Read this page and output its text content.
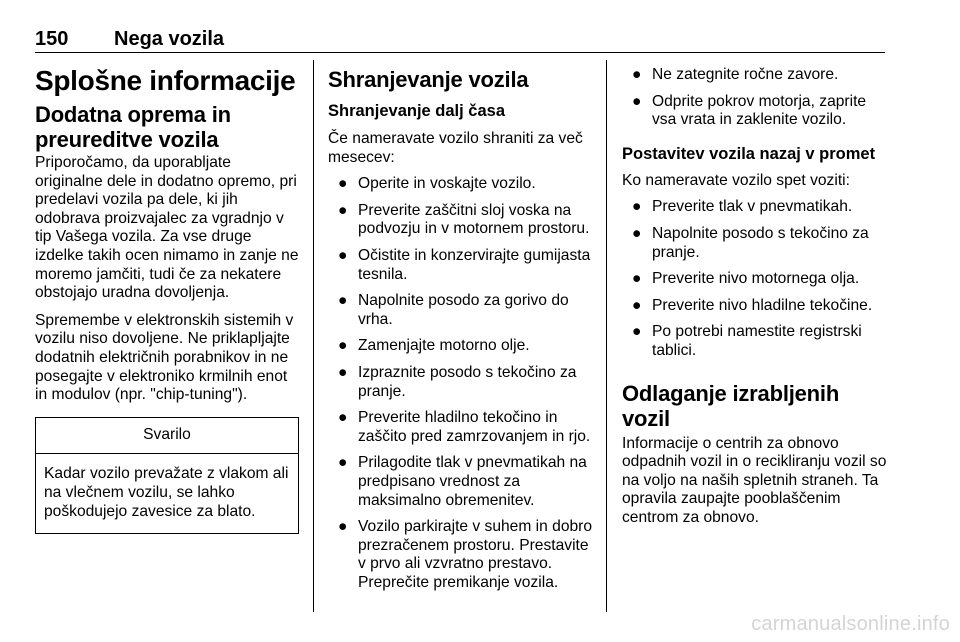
150 Nega vozila
Splošne informacije
Dodatna oprema in preureditve vozila

Priporočamo, da uporabljate originalne dele in dodatno opremo, pri predelavi vozila pa dele, ki jih odobrava proizvajalec za vgradnjo v tip Vašega vozila. Za vse druge izdelke takih ocen nimamo in zanje ne moremo jamčiti, tudi če za nekatere obstojajo uradna dovoljenja.

Spremembe v elektronskih sistemih v vozilu niso dovoljene. Ne priklapljajte dodatnih električnih porabnikov in ne posegajte v elektroniko krmilnih enot in modulov (npr. "chip-tuning").

Svarilo
Kadar vozilo prevažate z vlakom ali na vlečnem vozilu, se lahko poškodujejo zavesice za blato.
Shranjevanje vozila
Shranjevanje dalj časa

Če nameravate vozilo shraniti za več mesecev:

● Operite in voskajte vozilo.
● Preverite zaščitni sloj voska na podvozju in v motornem prostoru.
● Očistite in konzervirajte gumijasta tesnila.
● Napolnite posodo za gorivo do vrha.
● Zamenjajte motorno olje.
● Izpraznite posodo s tekočino za pranje.
● Preverite hladilno tekočino in zaščito pred zamrzovanjem in rjo.
● Prilagodite tlak v pnevmatikah na predpisano vrednost za maksimalno obremenitev.
● Vozilo parkirajte v suhem in dobro prezračenem prostoru. Prestavite v prvo ali vzvratno prestavo. Preprečite premikanje vozila.
● Ne zategnite ročne zavore.
● Odprite pokrov motorja, zaprite vsa vrata in zaklenite vozilo.
Postavitev vozila nazaj v promet

Ko nameravate vozilo spet voziti:

● Preverite tlak v pnevmatikah.
● Napolnite posodo s tekočino za pranje.
● Preverite nivo motornega olja.
● Preverite nivo hladilne tekočine.
● Po potrebi namestite registrski tablici.
Odlaganje izrabljenih vozil

Informacije o centrih za obnovo odpadnih vozil in o recikliranju vozil so na voljo na naših spletnih straneh. Ta opravila zaupajte pooblaščenim centrom za obnovo.

carmanualsonline.info
